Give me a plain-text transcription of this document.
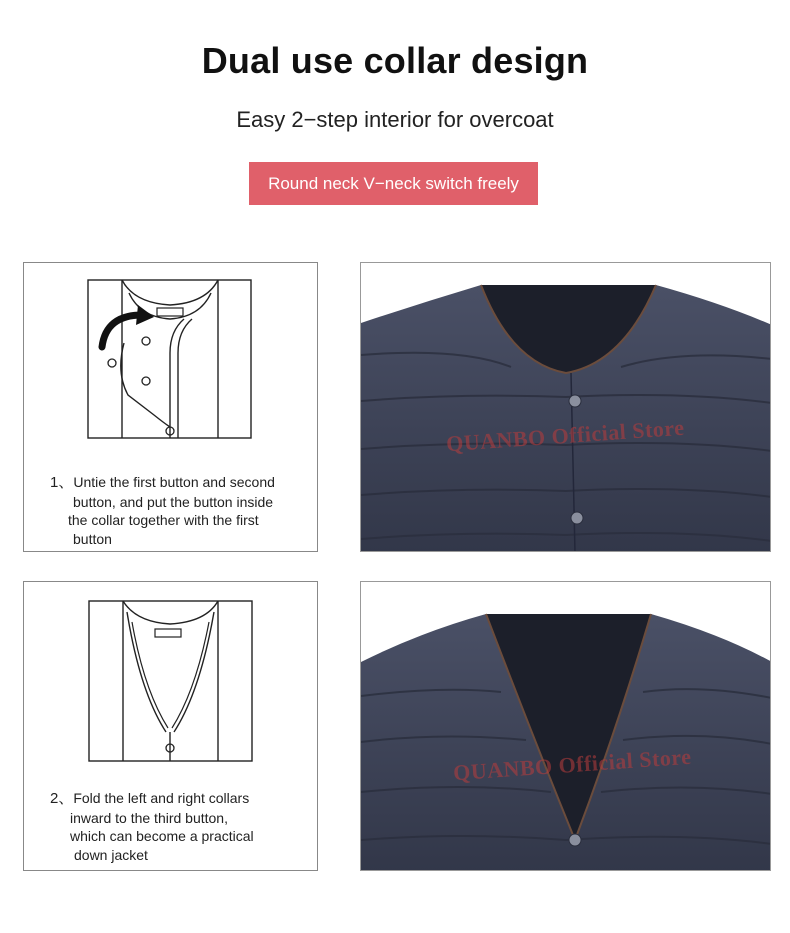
Dual use collar design
Easy 2−step interior for overcoat
Round neck V−neck switch freely
1、Untie the first button and second
button, and put the button inside
the collar together with the first
button
QUANBO Official Store
2、Fold the left and right collars
inward to the third button,
which can become a practical
down jacket
QUANBO Official Store
